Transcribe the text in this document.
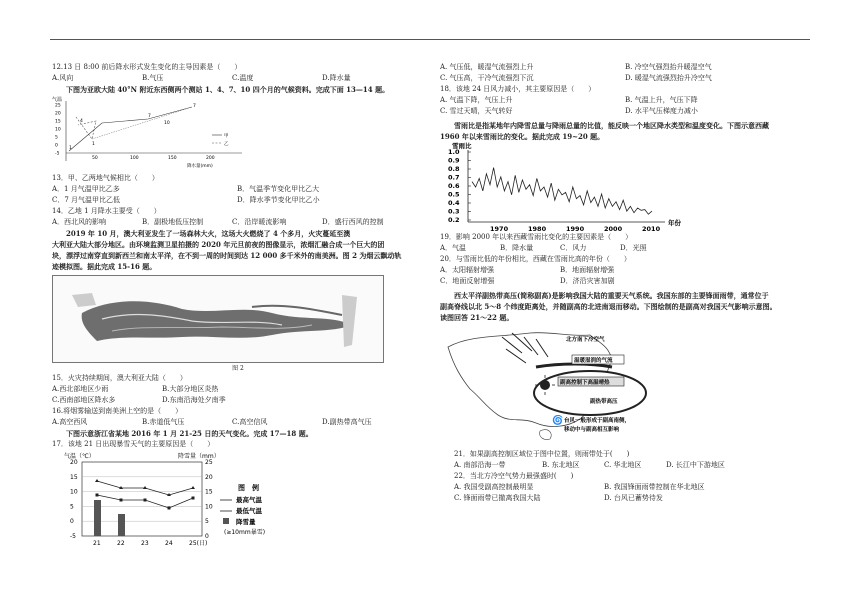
12.13 日 8:00 前后降水形式发生变化的主导因素是（　　）
A.风向	B.气压	C.温度	D.降水量
下图为亚欧大陆 40°N 附近东西侧两个测站 1、4、7、10 四个月的气候资料。完成下面 13—14 题。
气温
25
20
15
10
5
0
-5
50	100	150	200
降水量(mm)
7
4	10
1
7
1
甲
乙
13．甲、乙两地气候相比（　　）
A．1 月气温甲比乙多	B．气温季节变化甲比乙大
C．7 月气温甲比乙低	D．降水季节变化甲比乙小
14．乙地 1 月降水主要受（　　）
A．西北风的影响	B．副极地低压控制	C．沿岸暖流影响	D．盛行西风的控制
2019 年 10 月，澳大利亚发生了一场森林大火，这场大火燃烧了 4 个多月，火灾蔓延至澳
大利亚大陆大部分地区。由环境监测卫星拍摄的 2020 年元旦前夜的图像显示，浓烟汇融合成一个巨大的团
块，漂浮过南穿直到新西兰和南太平洋，在不到一周的时间到达 12 000 多千米外的南美洲。图 2 为烟云飘动轨
迹模拟图。据此完成 15-16 题。
图 2
15．火灾持续期间，澳大利亚大陆（　　）
A.西北部地区少雨	B.大部分地区炎热
C.西南部地区降水多	D.东南沿海处夕南季
16.将烟雾输送到南美洲上空的是（　　）
A.高空西风	B.赤道低气压	C.高空信风	D.副热带高气压
下图示意浙江省某地 2016 年 1 月 21-25 日的天气变化。完成 17—18 题。
17．该地 21 日出现暴雪天气的主要原因是（　　）
气温（℃）	降雪量（mm）
20
15
10
5
0
-5
25
20
15
10
5
0
21	22	23	24	25(日)
图　例
最高气温
最低气温
降雪量
(≥10mm暴雪)
A. 气压低，暖湿气流强烈上升	B. 冷空气强烈抬升暖湿空气
C. 气压高，干冷气流强烈下沉	D. 暖湿气流强烈抬升冷空气
18．该地 24 日风力减小，其主要原因是（　　）
A. 气温下降，气压上升	B. 气温上升，气压下降
C. 雪过天晴，天气转好	D. 水平气压梯度力减小
雪雨比是指某地年内降雪总量与降雨总量的比值，能反映一个地区降水类型和温度变化。下图示意西藏
1960 年以来雪雨比的变化。据此完成 19~20 题。
雪雨比
1.0
0.9
0.8
0.7
0.6
0.5
0.4
0.3
0.2
1970	1980	1990	2000	2010
年份
19．影响 2000 年以来西藏雪雨比变化的主要因素是（　　）
A．气温	B．降水量	C．风力	D．光照
20．与雪雨比低的年份相比，西藏在雪雨比高的年份（　　）
A．太阳辐射增强	B．地面辐射增强
C．地面反射增强	D．济沿灾害加剧
西太平洋副热带高压(简称副高)是影响我国大陆的重要天气系统。我国东部的主要锋面雨带，通常位于
副高脊线以北 5～8 个纬度距离处，并随副高的北进南退而移动。下图绘制的是副高对我国天气影响示意图。
读图回答 21～22 题。
北方南下冷空气
温暖湿润的气流
副高控制下高温晴热
副热带高压
🌀 台风一般形成于副高南侧，
移动中与副高相互影响
21．如果副高控制区域位于图中位置，则雨带处于(　　)
A. 南部沿海一带	B. 东北地区	C. 华北地区	D. 长江中下游地区
22．当北方冷空气势力最强盛时(　　)
A. 我国受副高控制最明显	B. 我国锋面雨带控制在华北地区
C. 锋面雨带已撤离我国大陆	D. 台风已蓄势待发
